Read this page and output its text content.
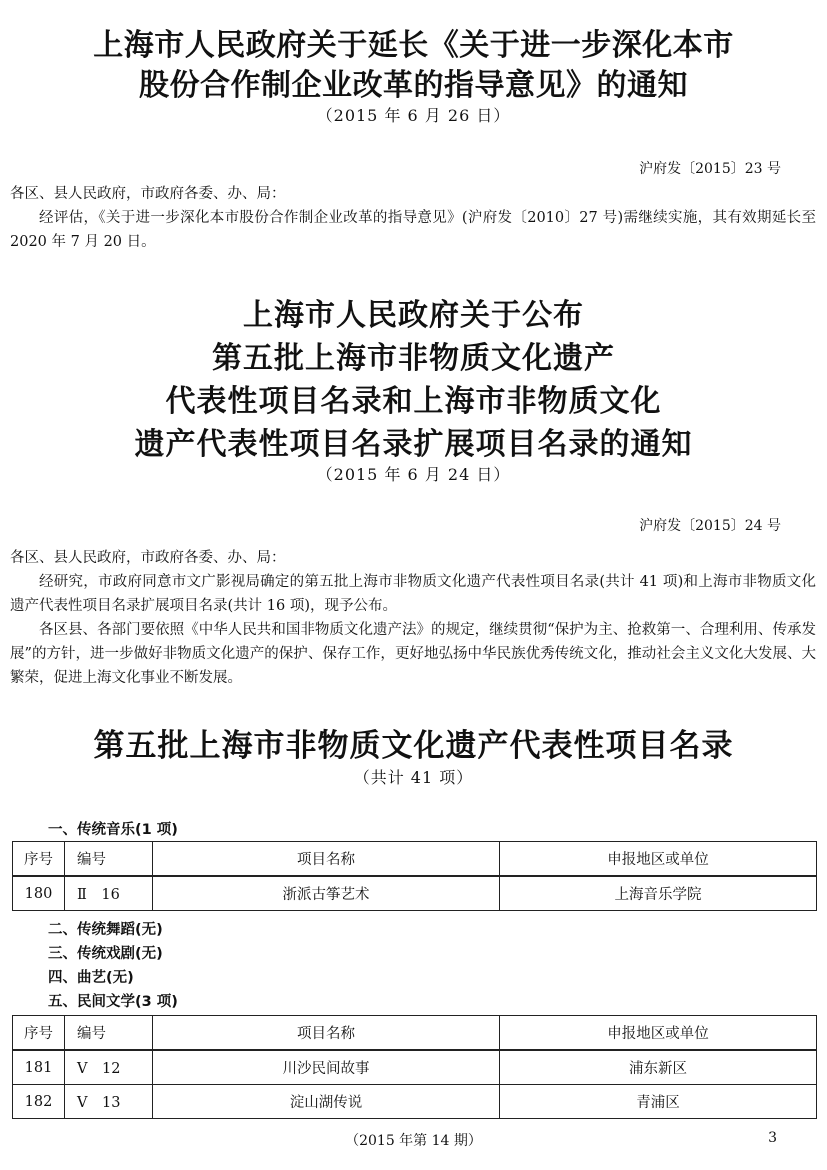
上海市人民政府关于延长《关于进一步深化本市
股份合作制企业改革的指导意见》的通知
（2015 年 6 月 26 日）
沪府发〔2015〕23 号

各区、县人民政府，市政府各委、办、局：

经评估，《关于进一步深化本市股份合作制企业改革的指导意见》(沪府发〔2010〕27 号)需继续实施，其有效期延长至 2020 年 7 月 20 日。

上海市人民政府关于公布
第五批上海市非物质文化遗产
代表性项目名录和上海市非物质文化
遗产代表性项目名录扩展项目名录的通知
（2015 年 6 月 24 日）
沪府发〔2015〕24 号

各区、县人民政府，市政府各委、办、局：

经研究，市政府同意市文广影视局确定的第五批上海市非物质文化遗产代表性项目名录(共计 41 项)和上海市非物质文化遗产代表性项目名录扩展项目名录(共计 16 项)，现予公布。

各区县、各部门要依照《中华人民共和国非物质文化遗产法》的规定，继续贯彻“保护为主、抢救第一、合理利用、传承发展”的方针，进一步做好非物质文化遗产的保护、保存工作，更好地弘扬中华民族优秀传统文化，推动社会主义文化大发展、大繁荣，促进上海文化事业不断发展。

第五批上海市非物质文化遗产代表性项目名录
（共计 41 项）
一、传统音乐(1 项)
序号	编号	项目名称	申报地区或单位
180	Ⅱ　16	浙派古筝艺术	上海音乐学院
二、传统舞蹈(无)
三、传统戏剧(无)
四、曲艺(无)
五、民间文学(3 项)
序号	编号	项目名称	申报地区或单位
181	Ⅴ　12	川沙民间故事	浦东新区
182	Ⅴ　13	淀山湖传说	青浦区
（2015 年第 14 期）	3
